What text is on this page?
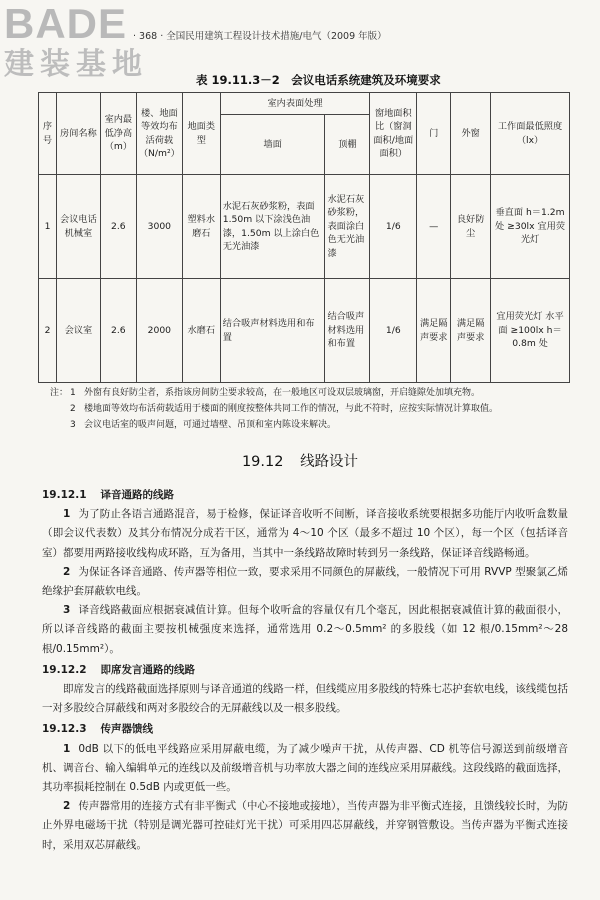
BADE · 368 · 全国民用建筑工程设计技术措施/电气（2009 年版）
建装基地	表 19.11.3－2　会议电话系统建筑及环境要求
序号	房间名称	室内最低净高（m）	楼、地面等效均布活荷载（N/m²）	地面类型	室内表面处理		窗地面积比（窗洞面积/地面面积）	门	外窗	工作面最低照度（lx）
					墙面	顶棚				
1	会议电话机械室	2.6	3000	塑料水磨石	水泥石灰砂浆粉，表面 1.50m 以下涂浅色油漆，1.50m 以上涂白色无光油漆	水泥石灰砂浆粉，表面涂白色无光油漆	1/6	—	良好防尘	垂直面 h＝1.2m 处 ≥30lx 宜用荧光灯
2	会议室	2.6	2000	水磨石	结合吸声材料选用和布置	结合吸声材料选用和布置	1/6	满足隔声要求	满足隔声要求	宜用荧光灯 水平面 ≥100lx h＝0.8m 处
注： 1 外窗有良好防尘者，系指该房间防尘要求较高，在一般地区可设双层玻璃窗，开启缝隙处加填充物。
2 楼地面等效均布活荷载适用于楼面的刚度按整体共同工作的情况，与此不符时，应按实际情况计算取值。
3 会议电话室的吸声问题，可通过墙壁、吊顶和室内陈设来解决。
19.12 线路设计
19.12.1 译音通路的线路
1 为了防止各语言通路混音，易于检修，保证译音收听不间断，译音接收系统要根据多功能厅内收听盒数量（即会议代表数）及其分布情况分成若干区，通常为 4～10 个区（最多不超过 10 个区），每一个区（包括译音室）都要用两路接收线构成环路，互为备用，当其中一条线路故障时转到另一条线路，保证译音线路畅通。
2 为保证各译音通路、传声器等相位一致，要求采用不同颜色的屏蔽线，一般情况下可用 RVVP 型聚氯乙烯绝缘护套屏蔽软电线。
3 译音线路截面应根据衰减值计算。但每个收听盒的容量仅有几个毫瓦，因此根据衰减值计算的截面很小，所以译音线路的截面主要按机械强度来选择，通常选用 0.2～0.5mm² 的多股线（如 12 根/0.15mm²～28 根/0.15mm²）。
19.12.2 即席发言通路的线路
即席发言的线路截面选择原则与译音通道的线路一样，但线缆应用多股线的特殊七芯护套软电线，该线缆包括一对多股绞合屏蔽线和两对多股绞合的无屏蔽线以及一根多股线。
19.12.3 传声器馈线
1 0dB 以下的低电平线路应采用屏蔽电缆，为了减少噪声干扰，从传声器、CD 机等信号源送到前级增音机、调音台、输入编辑单元的连线以及前级增音机与功率放大器之间的连线应采用屏蔽线。这段线路的截面选择，其功率损耗控制在 0.5dB 内或更低一些。
2 传声器常用的连接方式有非平衡式（中心不接地或接地），当传声器为非平衡式连接，且馈线较长时，为防止外界电磁场干扰（特别是调光器可控硅灯光干扰）可采用四芯屏蔽线，并穿钢管敷设。当传声器为平衡式连接时，采用双芯屏蔽线。
